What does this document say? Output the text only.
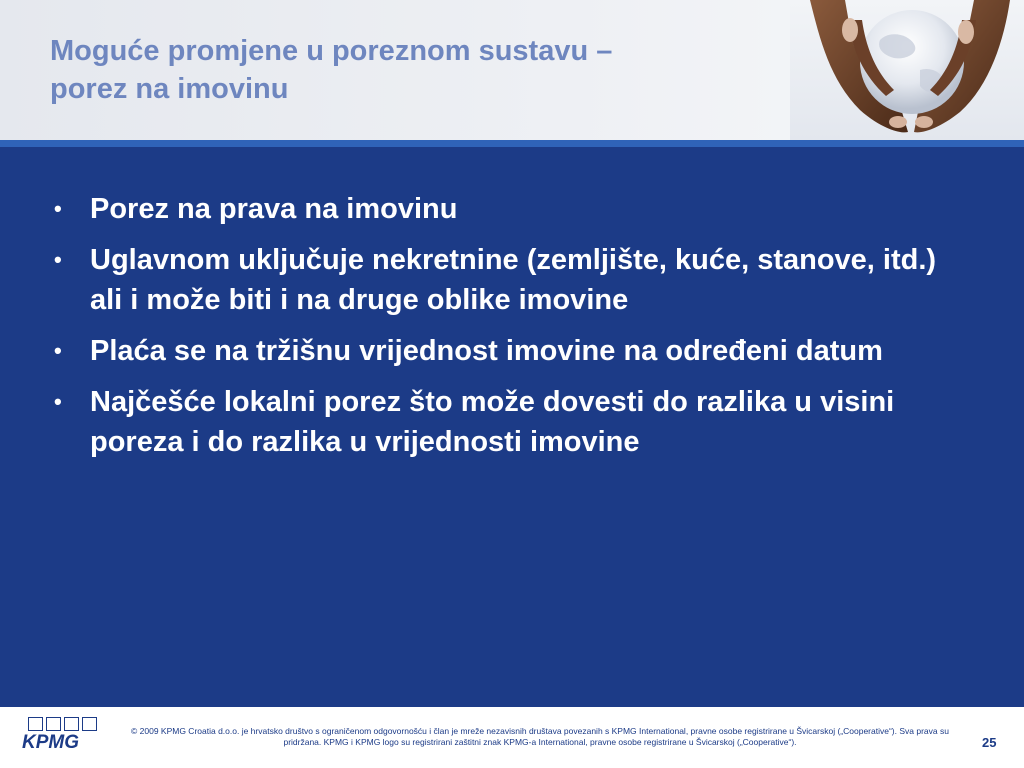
Moguće promjene u poreznom sustavu –
porez na imovinu
• Porez na prava na imovinu
• Uglavnom uključuje nekretnine (zemljište, kuće, stanove, itd.) ali i može biti i na druge oblike imovine
• Plaća se na tržišnu vrijednost imovine na određeni datum
• Najčešće lokalni porez što može dovesti do razlika u visini poreza i do razlika u vrijednosti imovine
KPMG
© 2009 KPMG Croatia d.o.o. je hrvatsko društvo s ograničenom odgovornošću i član je mreže nezavisnih društava povezanih s KPMG International, pravne osobe registrirane u Švicarskoj („Cooperative“). Sva prava su pridržana. KPMG i KPMG logo su registrirani zaštitni znak KPMG-a International, pravne osobe registrirane u Švicarskoj („Cooperative“).	25
